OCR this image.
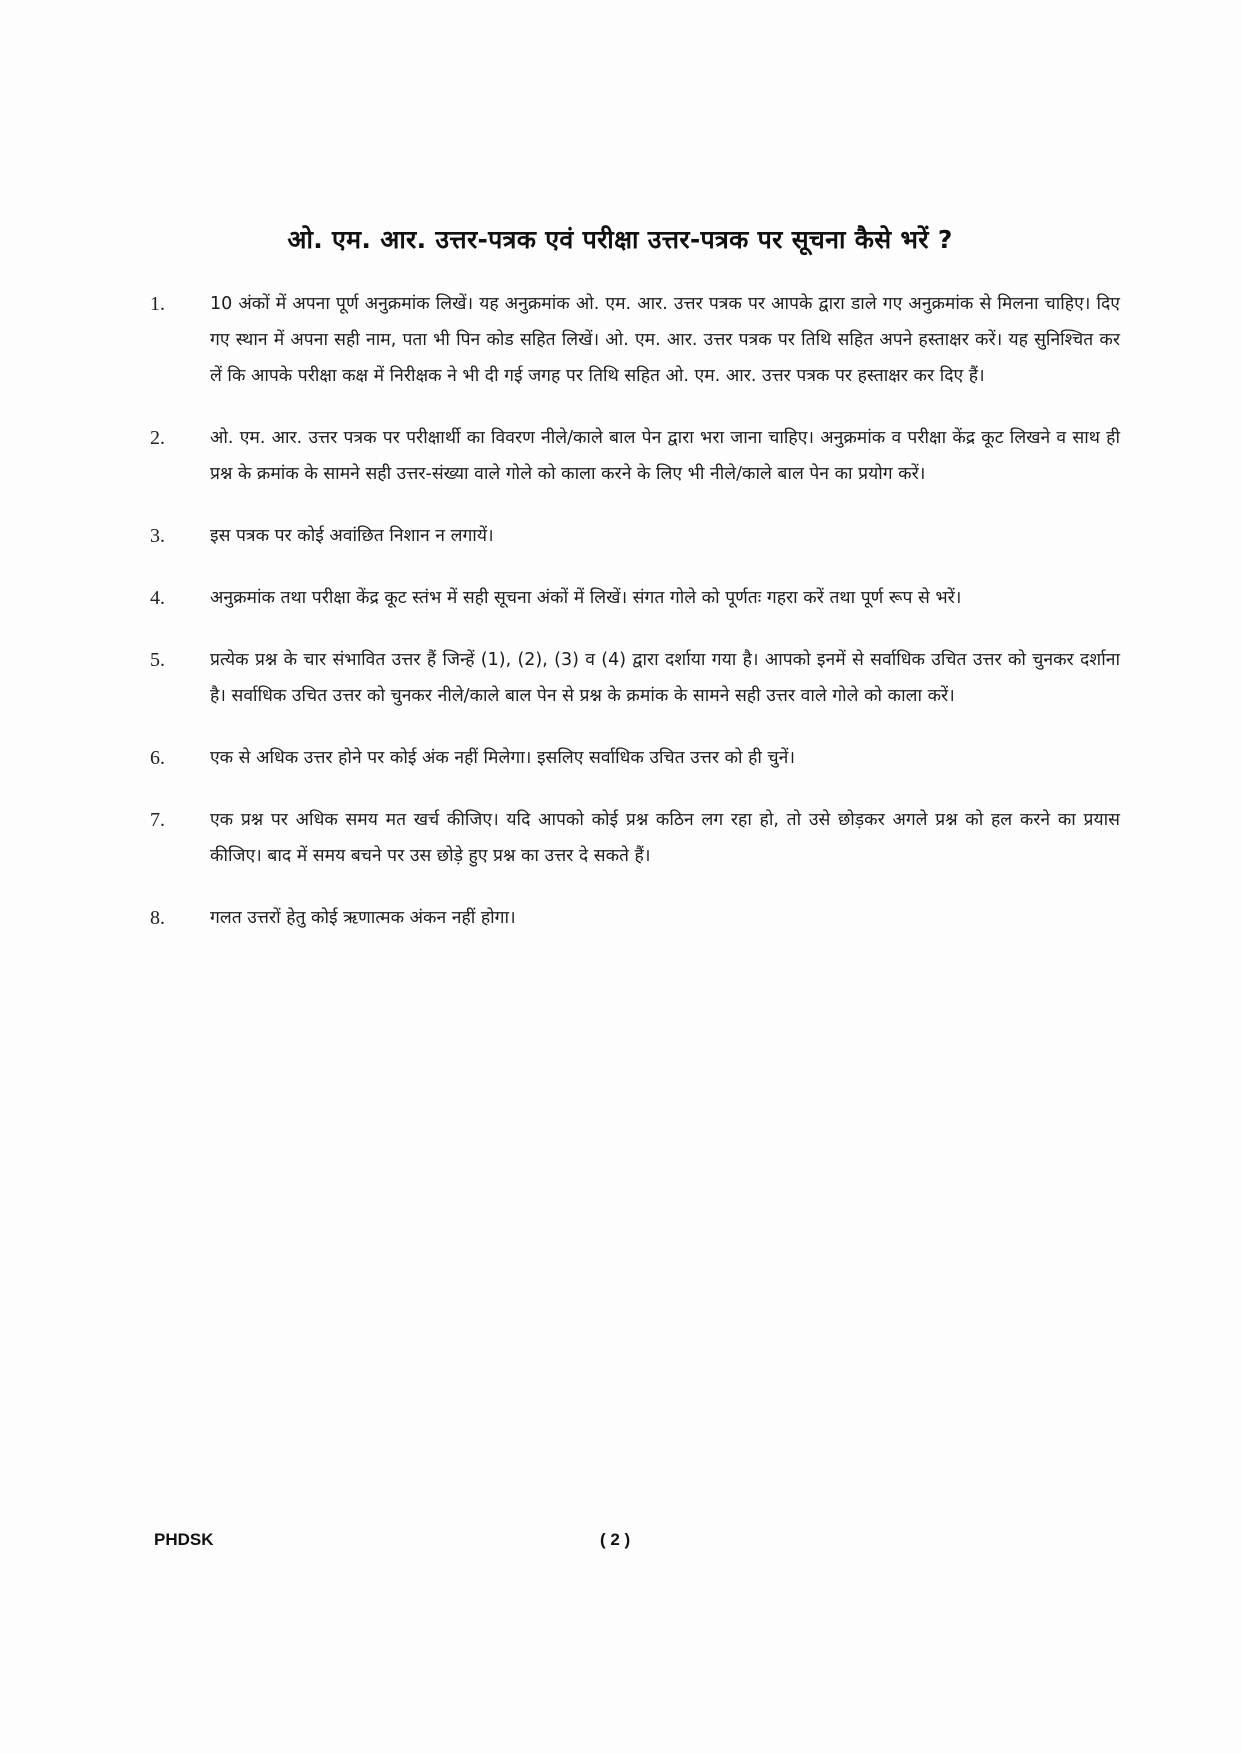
ओ. एम. आर. उत्तर-पत्रक एवं परीक्षा उत्तर-पत्रक पर सूचना कैसे भरें ?
1.	10 अंकों में अपना पूर्ण अनुक्रमांक लिखें। यह अनुक्रमांक ओ. एम. आर. उत्तर पत्रक पर आपके द्वारा डाले गए अनुक्रमांक से मिलना चाहिए। दिए गए स्थान में अपना सही नाम, पता भी पिन कोड सहित लिखें। ओ. एम. आर. उत्तर पत्रक पर तिथि सहित अपने हस्ताक्षर करें। यह सुनिश्चित कर लें कि आपके परीक्षा कक्ष में निरीक्षक ने भी दी गई जगह पर तिथि सहित ओ. एम. आर. उत्तर पत्रक पर हस्ताक्षर कर दिए हैं।
2.	ओ. एम. आर. उत्तर पत्रक पर परीक्षार्थी का विवरण नीले/काले बाल पेन द्वारा भरा जाना चाहिए। अनुक्रमांक व परीक्षा केंद्र कूट लिखने व साथ ही प्रश्न के क्रमांक के सामने सही उत्तर-संख्या वाले गोले को काला करने के लिए भी नीले/काले बाल पेन का प्रयोग करें।
3.	इस पत्रक पर कोई अवांछित निशान न लगायें।
4.	अनुक्रमांक तथा परीक्षा केंद्र कूट स्तंभ में सही सूचना अंकों में लिखें। संगत गोले को पूर्णतः गहरा करें तथा पूर्ण रूप से भरें।
5.	प्रत्येक प्रश्न के चार संभावित उत्तर हैं जिन्हें (1), (2), (3) व (4) द्वारा दर्शाया गया है। आपको इनमें से सर्वाधिक उचित उत्तर को चुनकर दर्शाना है। सर्वाधिक उचित उत्तर को चुनकर नीले/काले बाल पेन से प्रश्न के क्रमांक के सामने सही उत्तर वाले गोले को काला करें।
6.	एक से अधिक उत्तर होने पर कोई अंक नहीं मिलेगा। इसलिए सर्वाधिक उचित उत्तर को ही चुनें।
7.	एक प्रश्न पर अधिक समय मत खर्च कीजिए। यदि आपको कोई प्रश्न कठिन लग रहा हो, तो उसे छोड़कर अगले प्रश्न को हल करने का प्रयास कीजिए। बाद में समय बचने पर उस छोड़े हुए प्रश्न का उत्तर दे सकते हैं।
8.	गलत उत्तरों हेतु कोई ऋणात्मक अंकन नहीं होगा।
PHDSK	( 2 )
